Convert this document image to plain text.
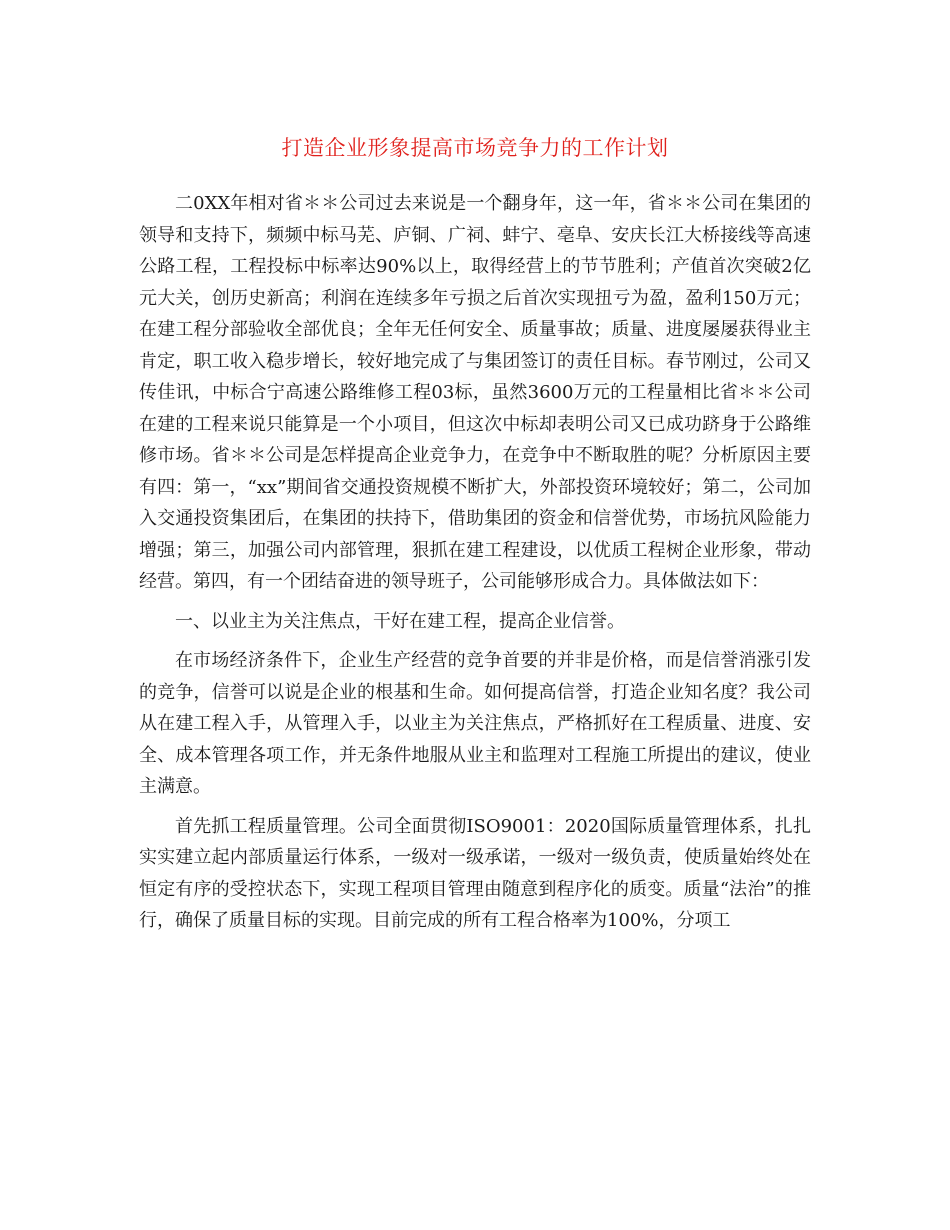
打造企业形象提高市场竞争力的工作计划

二0XX年相对省＊＊公司过去来说是一个翻身年，这一年，省＊＊公司在集团的领导和支持下，频频中标马芜、庐铜、广祠、蚌宁、亳阜、安庆长江大桥接线等高速公路工程，工程投标中标率达90%以上，取得经营上的节节胜利；产值首次突破2亿元大关，创历史新高；利润在连续多年亏损之后首次实现扭亏为盈，盈利150万元；在建工程分部验收全部优良；全年无任何安全、质量事故；质量、进度屡屡获得业主肯定，职工收入稳步增长，较好地完成了与集团签订的责任目标。春节刚过，公司又传佳讯，中标合宁高速公路维修工程03标，虽然3600万元的工程量相比省＊＊公司在建的工程来说只能算是一个小项目，但这次中标却表明公司又已成功跻身于公路维修市场。省＊＊公司是怎样提高企业竞争力，在竞争中不断取胜的呢？分析原因主要有四：第一，“xx”期间省交通投资规模不断扩大，外部投资环境较好；第二，公司加入交通投资集团后，在集团的扶持下，借助集团的资金和信誉优势，市场抗风险能力增强；第三，加强公司内部管理，狠抓在建工程建设，以优质工程树企业形象，带动经营。第四，有一个团结奋进的领导班子，公司能够形成合力。具体做法如下：

一、以业主为关注焦点，干好在建工程，提高企业信誉。

在市场经济条件下，企业生产经营的竞争首要的并非是价格，而是信誉消涨引发的竞争，信誉可以说是企业的根基和生命。如何提高信誉，打造企业知名度？我公司从在建工程入手，从管理入手，以业主为关注焦点，严格抓好在工程质量、进度、安全、成本管理各项工作，并无条件地服从业主和监理对工程施工所提出的建议，使业主满意。

首先抓工程质量管理。公司全面贯彻ISO9001：2020国际质量管理体系，扎扎实实建立起内部质量运行体系，一级对一级承诺，一级对一级负责，使质量始终处在恒定有序的受控状态下，实现工程项目管理由随意到程序化的质变。质量“法治”的推行，确保了质量目标的实现。目前完成的所有工程合格率为100%，分项工
